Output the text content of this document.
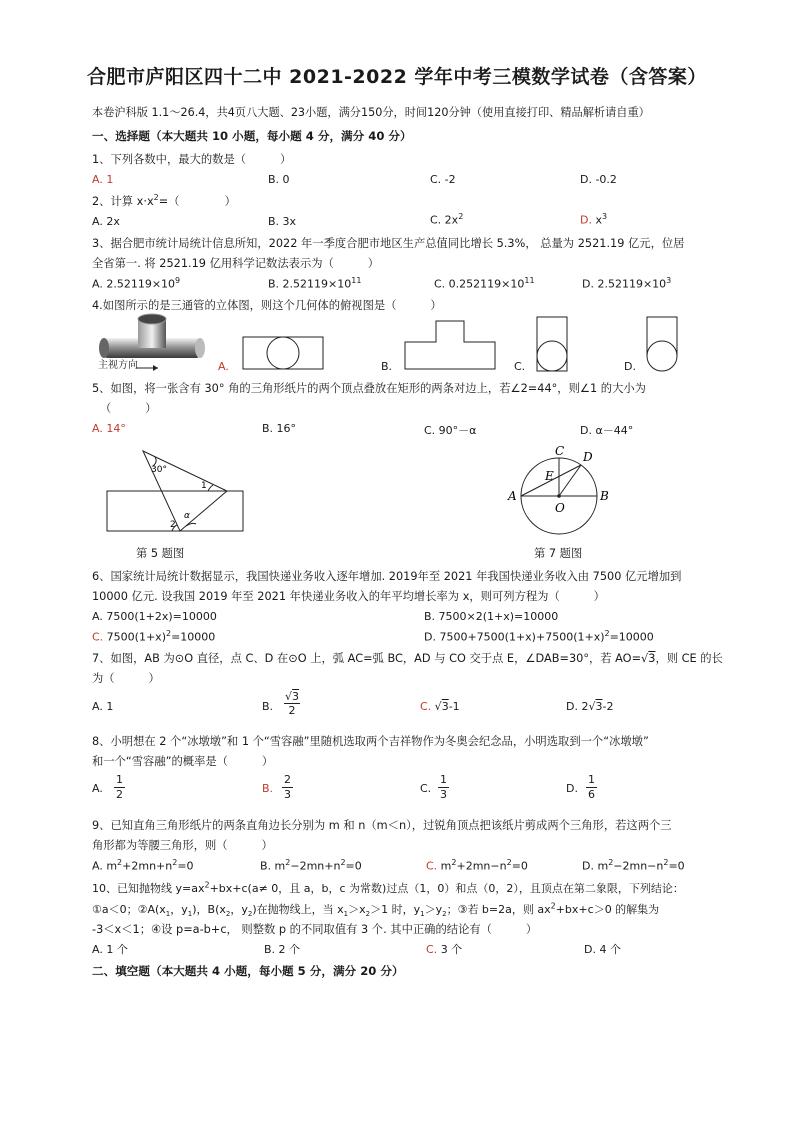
合肥市庐阳区四十二中 2021-2022 学年中考三模数学试卷（含答案）
本卷沪科版 1.1～26.4，共4页八大题、23小题，满分150分，时间120分钟（使用直接打印、精品解析请自重）
一、选择题（本大题共 10 小题，每小题 4 分，满分 40 分）
1、下列各数中，最大的数是（　　　）
A. 1	B. 0	C. -2	D. -0.2
2、计算 $x\cdot x^2=$（　　　　）
A. 2x	B. 3x	C. $2x^2$	D. $x^3$
3、据合肥市统计局统计信息所知，2022 年一季度合肥市地区生产总值同比增长 5.3%， 总量为 2521.19 亿元，位居
全省第一. 将 2521.19 亿用科学记数法表示为（　　　）
A. $2.52119\times 10^9$	B. $2.52119\times 10^{11}$	C. $0.252119\times 10^{11}$	D. $2.52119\times 10^3$
4.如图所示的是三通管的立体图，则这个几何体的俯视图是（　　　）
主视方向	A.	B.	C.	D.
5、如图，将一张含有 30° 角的三角形纸片的两个顶点叠放在矩形的两条对边上，若∠2=44°，则∠1 的大小为
（　　　）
A. 14°	B. 16°	C. 90°－α	D. α－44°
30°
1
α
2
第 5 题图
A	B
C D
E
O
第 7 题图
6、国家统计局统计数据显示，我国快递业务收入逐年增加. 2019年至 2021 年我国快递业务收入由 7500 亿元增加到
10000 亿元. 设我国 2019 年至 2021 年快递业务收入的年平均增长率为 x，则可列方程为（　　　）
A. 7500(1+2x)=10000	B. 7500×2(1+x)=10000
C. $7500(1+x)^2=10000$	D. $7500+7500(1+x)+7500(1+x)^2=10000$
7、如图，AB 为⊙O 直径，点 C、D 在⊙O 上，弧 AC=弧 BC，AD 与 CO 交于点 E，∠DAB=30°，若 AO=√3，则 CE 的长
为（　　　）
A. 1	B.
√3
2	C. √3-1	D. 2√3-2
8、小明想在 2 个“冰墩墩”和 1 个“雪容融”里随机选取两个吉祥物作为冬奥会纪念品，小明选取到一个“冰墩墩”
和一个“雪容融”的概率是（　　　）
A.
1
2	B.
2
3	C.
1
3	D.
1
6
9、已知直角三角形纸片的两条直角边长分别为 m 和 n（m＜n），过锐角顶点把该纸片剪成两个三角形，若这两个三
角形都为等腰三角形，则（　　　）
A. $m^2+2mn+n^2=0$	B. $m^2-2mn+n^2=0$	C. $m^2+2mn-n^2=0$	D. $m^2-2mn-n^2=0$
10、已知抛物线 $y=ax^2+bx+c(a\ne 0$，且 a，b，c 为常数)过点（1，0）和点（0，2），且顶点在第二象限，下列结论：
①a＜0；$②A(x_1$，$y_1$)，$B(x_2$，$y_2$)在抛物线上，当 $x_1>x_2>1$ 时，$y_1>y_2$；③若 b=2a，则 $ax^2+bx+c>0$ 的解集为
-3＜x＜1；④设 p=a-b+c， 则整数 p 的不同取值有 3 个. 其中正确的结论有（　　　）
A. 1 个	B. 2 个	C. 3 个	D. 4 个
二、填空题（本大题共 4 小题，每小题 5 分，满分 20 分）
